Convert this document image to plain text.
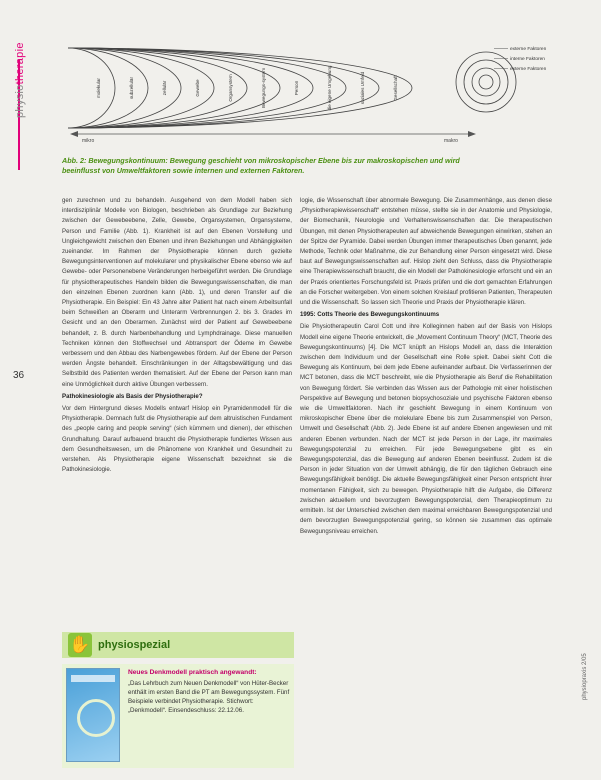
physiotherapie
36
molekular	subzellulär	zellulär	Gewebe	Organsystem	Bewegungs-system	Person	die eigene Umgebung	soziales Umfeld	Gesellschaft
externe Faktoren
interne Faktoren
externe Faktoren
mikro	makro
Abb. 2: Bewegungskontinuum: Bewegung geschieht von mikroskopischer Ebene bis zur makroskopischen und wird beeinflusst von Umweltfaktoren sowie internen und externen Faktoren.

gen zurechnen und zu behandeln. Ausgehend von dem Modell haben sich interdisziplinär Modelle von Biologen, beschrieben als Grundlage zur Beziehung zwischen der Gewebeebene, Zelle, Gewebe, Organsystemen, Organsysteme, Person und Familie (Abb. 1). Krankheit ist auf den Ebenen Vorstellung und Ungleichgewicht zwischen den Ebenen und ihren Beziehungen und Abhängigkeiten zueinander. Im Rahmen der Physiotherapie können durch gezielte Bewegungsinterventionen auf molekularer und physikalischer Ebene ebenso wie auf Gewebe- oder Personenebene Veränderungen herbeigeführt werden. Die Grundlage für physiotherapeutisches Handeln bilden die Bewegungswissenschaften, die man den einzelnen Ebenen zuordnen kann (Abb. 1), und deren Transfer auf die Physiotherapie. Ein Beispiel: Ein 43 Jahre alter Patient hat nach einem Arbeitsunfall beim Schweißen an Oberarm und Unterarm Verbrennungen 2. bis 3. Grades im Gesicht und an den Oberarmen. Zunächst wird der Patient auf Gewebeebene behandelt, z. B. durch Narbenbehandlung und Lymphdrainage. Diese manuellen Techniken können den Stoffwechsel und Abtransport der Ödeme im Gewebe verbessern und den Abbau des Narbengewebes fördern. Auf der Ebene der Person werden Ängste behandelt. Einschränkungen in der Alltagsbewältigung und das Selbstbild des Patienten werden thematisiert. Auf der Ebene der Person kann man eine Unmöglichkeit durch aktive Übungen verbessern.

Pathokinesiologie als Basis der Physiotherapie?

Vor dem Hintergrund dieses Modells entwarf Hislop ein Pyramidenmodell für die Physiotherapie. Demnach fußt die Physiotherapie auf dem altruistischen Fundament des „people caring and people serving“ (sich kümmern und dienen), der ethischen Grundhaltung. Darauf aufbauend braucht die Physiotherapie fundiertes Wissen aus dem Gesundheitswesen, um die Phänomene von Krankheit und Gesundheit zu verstehen. Als Physiotherapie eigene Wissenschaft bezeichnet sie die Pathokinesiologie.

logie, die Wissenschaft über abnormale Bewegung. Die Zusammenhänge, aus denen diese „Physiotherapiewissenschaft“ entstehen müsse, stellte sie in der Anatomie und Physiologie, der Biomechanik, Neurologie und Verhaltenswissenschaften dar. Die therapeutischen Übungen, mit denen Physiotherapeuten auf abweichende Bewegungen einwirken, stehen an der Spitze der Pyramide. Dabei werden Übungen immer therapeutisches Üben genannt, jede Methode, Technik oder Maßnahme, die zur Behandlung einer Person eingesetzt wird. Diese baut auf Bewegungswissenschaften auf. Hislop zieht den Schluss, dass die Physiotherapie eine Therapiewissenschaft braucht, die ein Modell der Pathokinesiologie erforscht und ein an der Praxis orientiertes Forschungsfeld ist. Praxis prüfen und die dort gemachten Erfahrungen an die Forscher weitergeben. Von einem solchen Kreislauf profitieren Patienten, Therapeuten und die Wissenschaft. So lassen sich Theorie und Praxis der Physiotherapie klären.

1995: Cotts Theorie des Bewegungskontinuums

Die Physiotherapeutin Carol Cott und ihre Kolleginnen haben auf der Basis von Hislops Modell eine eigene Theorie entwickelt, die „Movement Continuum Theory“ (MCT, Theorie des Bewegungskontinuums) [4]. Die MCT knüpft an Hislops Modell an, dass die Interaktion zwischen dem Individuum und der Gesellschaft eine Rolle spielt. Dabei sieht Cott die Bewegung als Kontinuum, bei dem jede Ebene aufeinander aufbaut. Die Verfasserinnen der MCT betonen, dass die MCT beschreibt, wie die Physiotherapie als Beruf die Rehabilitation von Bewegung fördert. Sie verbinden das Wissen aus der Pathologie mit einer holistischen Perspektive auf Bewegung und betonen biopsychosoziale und psychische Faktoren ebenso wie die Umweltfaktoren. Nach ihr geschieht Bewegung in einem Kontinuum von mikroskopischer Ebene über die molekulare Ebene bis zum Zusammenspiel von Person, Umwelt und Gesellschaft (Abb. 2). Jede Ebene ist auf andere Ebenen angewiesen und mit anderen Ebenen verbunden. Nach der MCT ist jede Person in der Lage, ihr maximales Bewegungspotenzial zu erreichen. Für jede Bewegungsebene gibt es ein Bewegungspotenzial, das die Bewegung auf anderen Ebenen beeinflusst. Zudem ist die Person in jeder Situation von der Umwelt abhängig, die für den täglichen Gebrauch eine Bewegungsfähigkeit benötigt. Die aktuelle Bewegungsfähigkeit einer Person entspricht ihrer momentanen Fähigkeit, sich zu bewegen. Physiotherapie hilft die Aufgabe, die Differenz zwischen aktuellem und bevorzugtem Bewegungspotenzial, dem Therapieoptimum zu ermitteln. Ist der Unterschied zwischen dem maximal erreichbaren Bewegungspotenzial und dem bevorzugten Bewegungspotenzial gering, so können sie zusammen das optimale Bewegungsniveau erreichen.

✋ physiospezial
Neues Denkmodell praktisch angewandt:
„Das Lehrbuch zum Neuen Denkmodell“ von Hüter-Becker enthält im ersten Band die PT am Bewegungssystem. Fünf Beispiele verbindet Physiotherapie. Stichwort: „Denkmodell“. Einsendeschluss: 22.12.06.
physiopraxis 2/05
